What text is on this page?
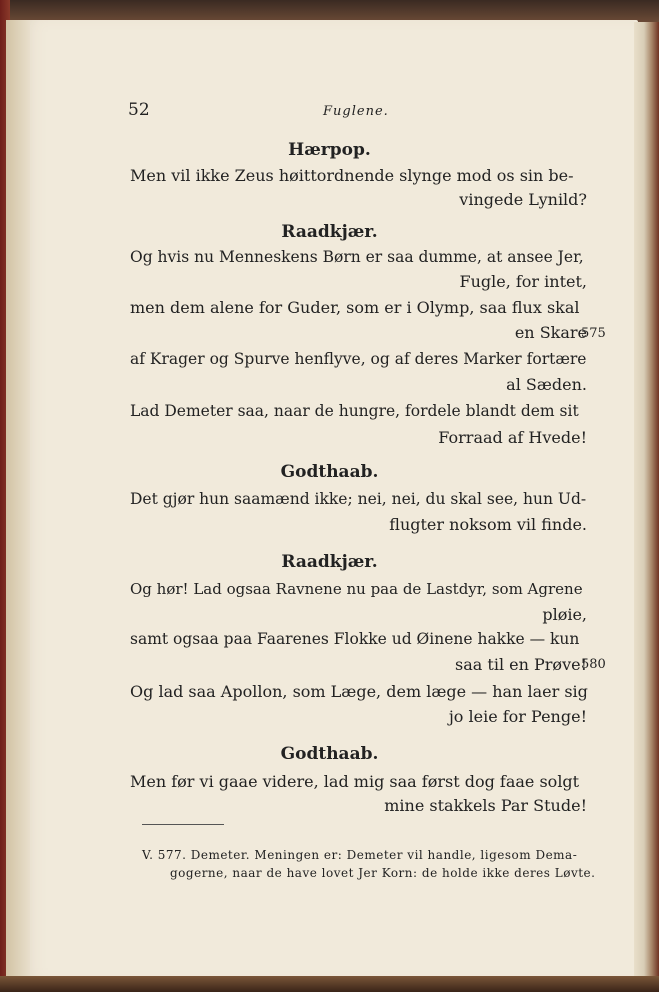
52	Fuglene.
Hærpop.
Men vil ikke Zeus høittordnende slynge mod os sin be-
vingede Lynild?
Raadkjær.
Og hvis nu Menneskens Børn er saa dumme, at ansee Jer,
Fugle, for intet,
men dem alene for Guder, som er i Olymp, saa flux skal
en Skare
575
af Krager og Spurve henflyve, og af deres Marker fortære
al Sæden.
Lad Demeter saa, naar de hungre, fordele blandt dem sit
Forraad af Hvede!
Godthaab.
Det gjør hun saamænd ikke; nei, nei, du skal see, hun Ud-
flugter noksom vil finde.
Raadkjær.
Og hør! Lad ogsaa Ravnene nu paa de Lastdyr, som Agrene
pløie,
samt ogsaa paa Faarenes Flokke ud Øinene hakke — kun
saa til en Prøve!
580
Og lad saa Apollon, som Læge, dem læge — han laer sig
jo leie for Penge!
Godthaab.
Men før vi gaae videre, lad mig saa først dog faae solgt
mine stakkels Par Stude!
V. 577. Demeter. Meningen er: Demeter vil handle, ligesom Dema-
gogerne, naar de have lovet Jer Korn: de holde ikke deres Løvte.
